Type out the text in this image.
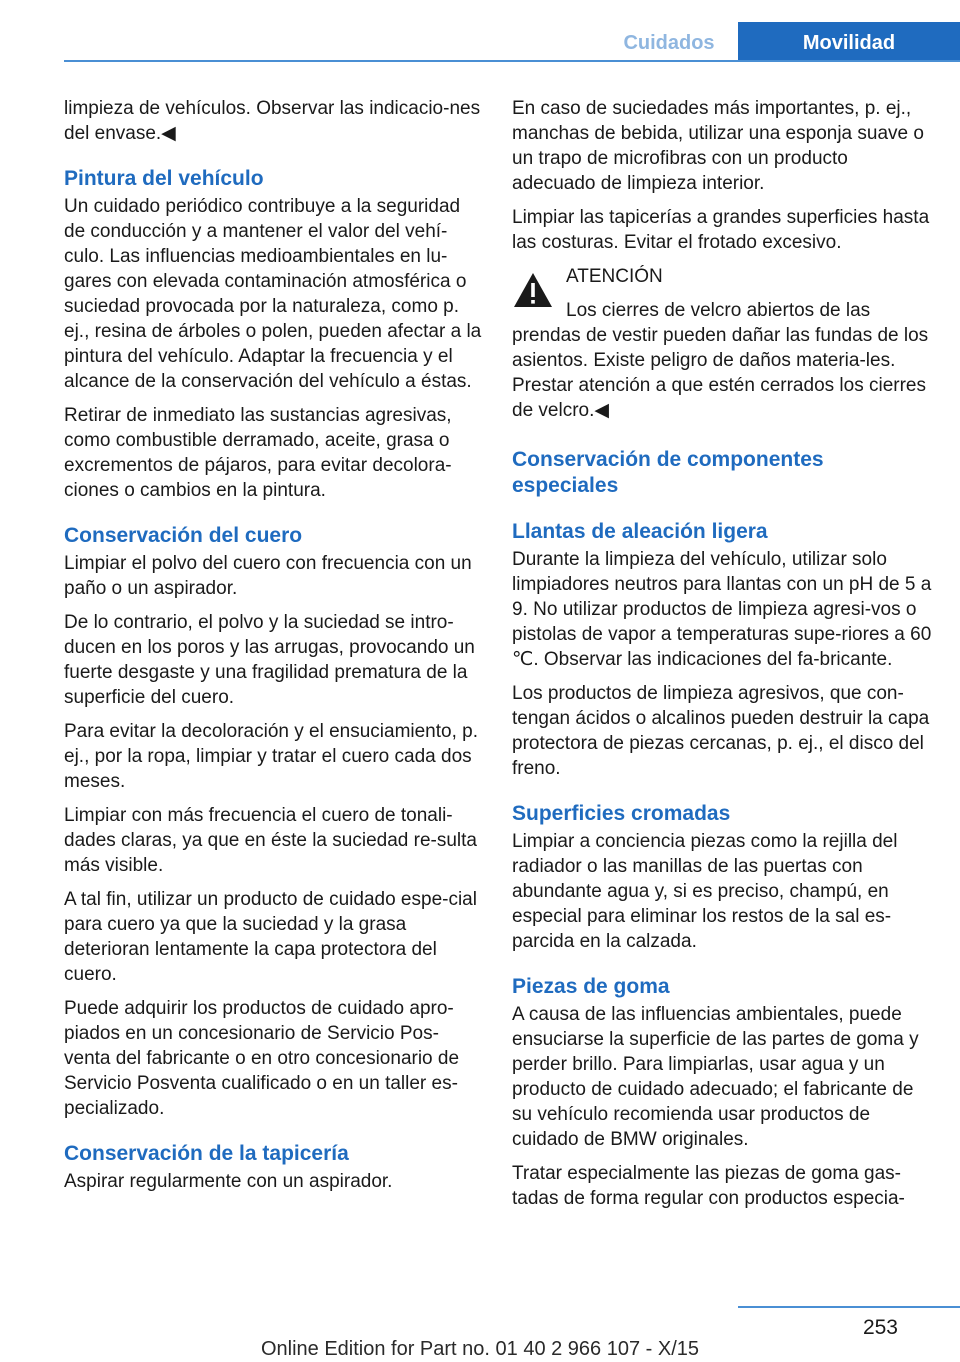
Cuidados	Movilidad

limpieza de vehículos. Observar las indicacio‐nes del envase.◀

Pintura del vehículo

Un cuidado periódico contribuye a la seguridad de conducción y a mantener el valor del vehí‐culo. Las influencias medioambientales en lu‐gares con elevada contaminación atmosférica o suciedad provocada por la naturaleza, como p. ej., resina de árboles o polen, pueden afectar a la pintura del vehículo. Adaptar la frecuencia y el alcance de la conservación del vehículo a éstas.

Retirar de inmediato las sustancias agresivas, como combustible derramado, aceite, grasa o excrementos de pájaros, para evitar decolora‐ciones o cambios en la pintura.

Conservación del cuero

Limpiar el polvo del cuero con frecuencia con un paño o un aspirador.

De lo contrario, el polvo y la suciedad se intro‐ducen en los poros y las arrugas, provocando un fuerte desgaste y una fragilidad prematura de la superficie del cuero.

Para evitar la decoloración y el ensuciamiento, p. ej., por la ropa, limpiar y tratar el cuero cada dos meses.

Limpiar con más frecuencia el cuero de tonali‐dades claras, ya que en éste la suciedad re‐sulta más visible.

A tal fin, utilizar un producto de cuidado espe‐cial para cuero ya que la suciedad y la grasa deterioran lentamente la capa protectora del cuero.

Puede adquirir los productos de cuidado apro‐piados en un concesionario de Servicio Pos‐venta del fabricante o en otro concesionario de Servicio Posventa cualificado o en un taller es‐pecializado.

Conservación de la tapicería

Aspirar regularmente con un aspirador.

En caso de suciedades más importantes, p. ej., manchas de bebida, utilizar una esponja suave o un trapo de microfibras con un producto adecuado de limpieza interior.

Limpiar las tapicerías a grandes superficies hasta las costuras. Evitar el frotado excesivo.

ATENCIÓN

Los cierres de velcro abiertos de las prendas de vestir pueden dañar las fundas de los asientos. Existe peligro de daños materia‐les. Prestar atención a que estén cerrados los cierres de velcro.◀

Conservación de componentes especiales
Llantas de aleación ligera

Durante la limpieza del vehículo, utilizar solo limpiadores neutros para llantas con un pH de 5 a 9. No utilizar productos de limpieza agresi‐vos o pistolas de vapor a temperaturas supe‐riores a 60 ℃. Observar las indicaciones del fa‐bricante.

Los productos de limpieza agresivos, que con‐tengan ácidos o alcalinos pueden destruir la capa protectora de piezas cercanas, p. ej., el disco del freno.

Superficies cromadas

Limpiar a conciencia piezas como la rejilla del radiador o las manillas de las puertas con abundante agua y, si es preciso, champú, en especial para eliminar los restos de la sal es‐parcida en la calzada.

Piezas de goma

A causa de las influencias ambientales, puede ensuciarse la superficie de las partes de goma y perder brillo. Para limpiarlas, usar agua y un producto de cuidado adecuado; el fabricante de su vehículo recomienda usar productos de cuidado de BMW originales.

Tratar especialmente las piezas de goma gas‐tadas de forma regular con productos especia‐

253
Online Edition for Part no. 01 40 2 966 107 - X/15
